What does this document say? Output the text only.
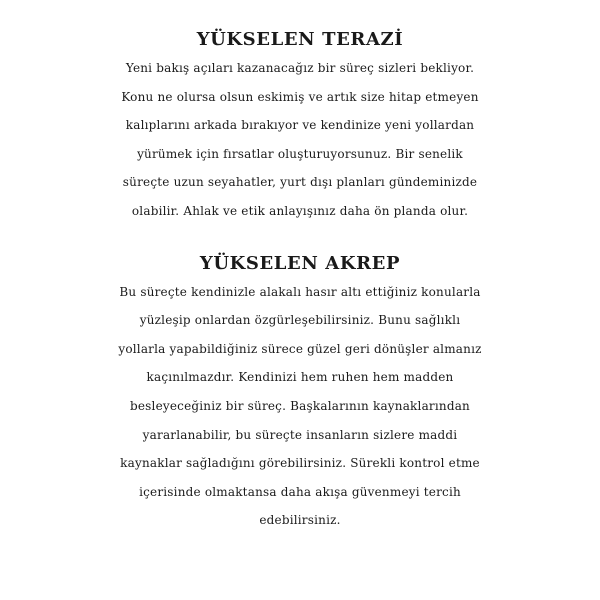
YÜKSELEN TERAZİ

Yeni bakış açıları kazanacağız bir süreç sizleri bekliyor.
Konu ne olursa olsun eskimiş ve artık size hitap etmeyen
kalıplarını arkada bırakıyor ve kendinize yeni yollardan
yürümek için fırsatlar oluşturuyorsunuz. Bir senelik
süreçte uzun seyahatler, yurt dışı planları gündeminizde
olabilir. Ahlak ve etik anlayışınız daha ön planda olur.

YÜKSELEN AKREP

Bu süreçte kendinizle alakalı hasır altı ettiğiniz konularla
yüzleşip onlardan özgürleşebilirsiniz. Bunu sağlıklı
yollarla yapabildiğiniz sürece güzel geri dönüşler almanız
kaçınılmazdır. Kendinizi hem ruhen hem madden
besleyeceğiniz bir süreç. Başkalarının kaynaklarından
yararlanabilir, bu süreçte insanların sizlere maddi
kaynaklar sağladığını görebilirsiniz. Sürekli kontrol etme
içerisinde olmaktansa daha akışa güvenmeyi tercih
edebilirsiniz.
